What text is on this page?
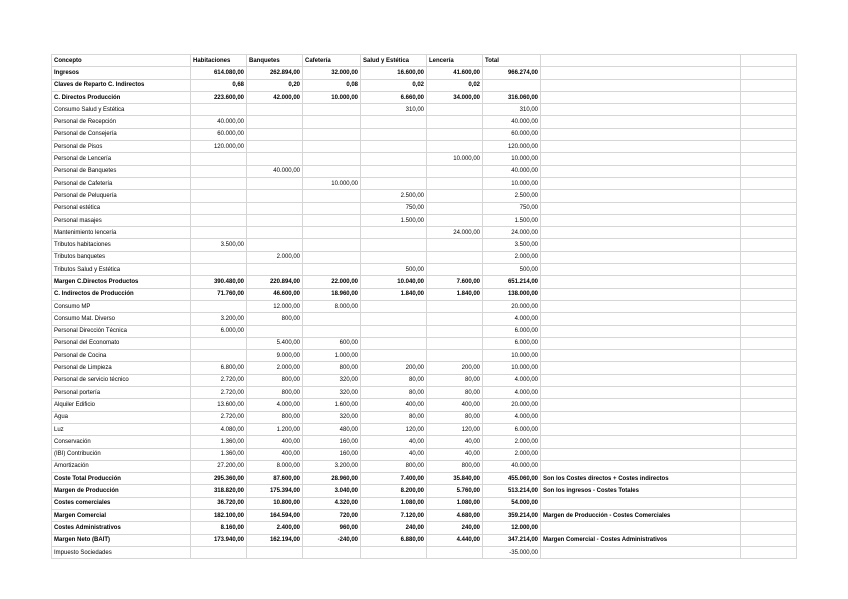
Concepto	Habitaciones	Banquetes	Cafetería	Salud y Estética	Lencería	Total		
Ingresos	614.080,00	262.894,00	32.000,00	16.600,00	41.600,00	966.274,00		
Claves de Reparto C. Indirectos	0,68	0,20	0,08	0,02	0,02			
C. Directos Producción	223.600,00	42.000,00	10.000,00	6.660,00	34.000,00	316.060,00		
Consumo Salud y Estética				310,00		310,00		
Personal de Recepción	40.000,00					40.000,00		
Personal de Consejería	60.000,00					60.000,00		
Personal de Pisos	120.000,00					120.000,00		
Personal de Lencería					10.000,00	10.000,00		
Personal de Banquetes		40.000,00				40.000,00		
Personal de Cafetería			10.000,00			10.000,00		
Personal de Peluquería				2.500,00		2.500,00		
Personal estética				750,00		750,00		
Personal masajes				1.500,00		1.500,00		
Mantenimiento lencería					24.000,00	24.000,00		
Tributos habitaciones	3.500,00					3.500,00		
Tributos banquetes		2.000,00				2.000,00		
Tributos Salud y Estética				500,00		500,00		
Margen C.Directos Productos	390.480,00	220.894,00	22.000,00	10.040,00	7.600,00	651.214,00		
C. Indirectos de Producción	71.760,00	46.600,00	18.960,00	1.840,00	1.840,00	138.000,00		
Consumo MP		12.000,00	8.000,00			20.000,00		
Consumo Mat. Diverso	3.200,00	800,00				4.000,00		
Personal Dirección Técnica	6.000,00					6.000,00		
Personal del Economato		5.400,00	600,00			6.000,00		
Personal de Cocina		9.000,00	1.000,00			10.000,00		
Personal de Limpieza	6.800,00	2.000,00	800,00	200,00	200,00	10.000,00		
Personal de servicio técnico	2.720,00	800,00	320,00	80,00	80,00	4.000,00		
Personal portería	2.720,00	800,00	320,00	80,00	80,00	4.000,00		
Alquiler Edificio	13.600,00	4.000,00	1.600,00	400,00	400,00	20.000,00		
Agua	2.720,00	800,00	320,00	80,00	80,00	4.000,00		
Luz	4.080,00	1.200,00	480,00	120,00	120,00	6.000,00		
Conservación	1.360,00	400,00	160,00	40,00	40,00	2.000,00		
(IBI) Contribución	1.360,00	400,00	160,00	40,00	40,00	2.000,00		
Amortización	27.200,00	8.000,00	3.200,00	800,00	800,00	40.000,00		
Coste Total Producción	295.360,00	87.600,00	28.960,00	7.400,00	35.840,00	455.060,00	Son los Costes directos + Costes indirectos	
Margen de Producción	318.820,00	175.394,00	3.040,00	8.200,00	5.760,00	513.214,00	Son los ingresos - Costes Totales	
Costes comerciales	36.720,00	10.800,00	4.320,00	1.080,00	1.080,00	54.000,00		
Margen Comercial	182.100,00	164.594,00	720,00	7.120,00	4.680,00	359.214,00	Margen de Producción - Costes Comerciales	
Costes Administrativos	8.160,00	2.400,00	960,00	240,00	240,00	12.000,00		
Margen Neto (BAIT)	173.940,00	162.194,00	-240,00	6.880,00	4.440,00	347.214,00	Margen Comercial - Costes Administrativos	
Impuesto Sociedades						-35.000,00		
